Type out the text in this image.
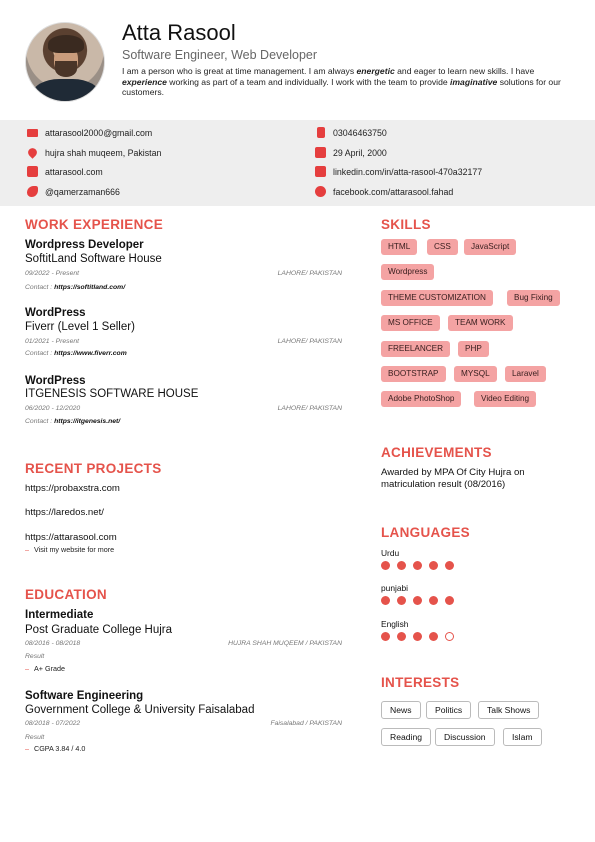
Atta Rasool
Software Engineer, Web Developer
I am a person who is great at time management. I am always energetic and eager to learn new skills. I have experience working as part of a team and individually. I work with the team to provide imaginative solutions for our customers.
attarasool2000@gmail.com	03046463750
hujra shah muqeem, Pakistan	29 April, 2000
attarasool.com	linkedin.com/in/atta-rasool-470a32177
@qamerzaman666	facebook.com/attarasool.fahad
WORK EXPERIENCE
Wordpress Developer
SoftitLand Software House
09/2022 - Present	LAHORE/ PAKISTAN
Contact : https://softitland.com/
WordPress
Fiverr (Level 1 Seller)
01/2021 - Present	LAHORE/ PAKISTAN
Contact : https://www.fiverr.com
WordPress
ITGENESIS SOFTWARE HOUSE
06/2020 - 12/2020	LAHORE/ PAKISTAN
Contact : https://itgenesis.net/
RECENT PROJECTS
https://probaxstra.com
https://laredos.net/
https://attarasool.com
– Visit my website for more
EDUCATION
Intermediate
Post Graduate College Hujra
08/2016 - 08/2018	HUJRA SHAH MUQEEM / PAKISTAN
Result
– A+ Grade
Software Engineering
Government College & University Faisalabad
08/2018 - 07/2022	Faisalabad / PAKISTAN
Result
– CGPA 3.84 / 4.0
SKILLS
HTML	CSS	JavaScript
Wordpress
THEME CUSTOMIZATION	Bug Fixing
MS OFFICE	TEAM WORK
FREELANCER	PHP
BOOTSTRAP	MYSQL	Laravel
Adobe PhotoShop	Video Editing
ACHIEVEMENTS
Awarded by MPA Of City Hujra on matriculation result (08/2016)
LANGUAGES
Urdu
punjabi
English
INTERESTS
News	Politics	Talk Shows
Reading	Discussion	Islam
